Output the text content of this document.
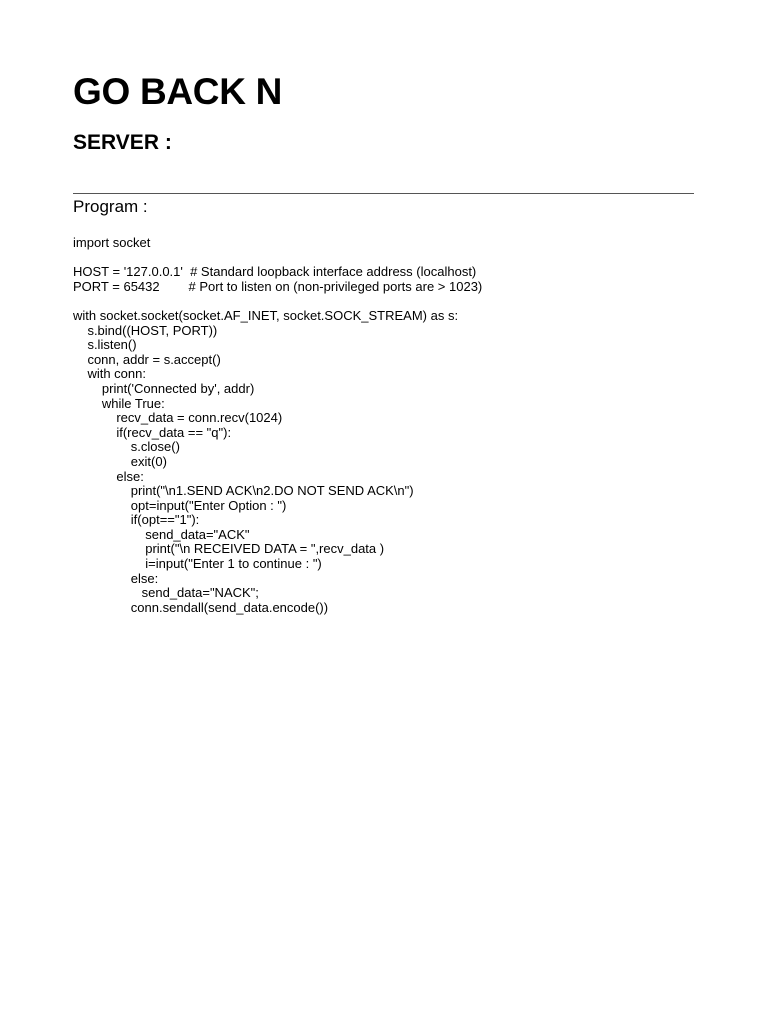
GO BACK N
SERVER :
Program :
import socket
HOST = '127.0.0.1'  # Standard loopback interface address (localhost)
PORT = 65432        # Port to listen on (non-privileged ports are > 1023)
with socket.socket(socket.AF_INET, socket.SOCK_STREAM) as s:
s.bind((HOST, PORT))
s.listen()
conn, addr = s.accept()
with conn:
print('Connected by', addr)
while True:
recv_data = conn.recv(1024)
if(recv_data == "q"):
s.close()
exit(0)
else:
print("\n1.SEND ACK\n2.DO NOT SEND ACK\n")
opt=input("Enter Option : ")
if(opt=="1"):
send_data="ACK"
print("\n RECEIVED DATA = ",recv_data )
i=input("Enter 1 to continue : ")
else:
send_data="NACK";
conn.sendall(send_data.encode())
